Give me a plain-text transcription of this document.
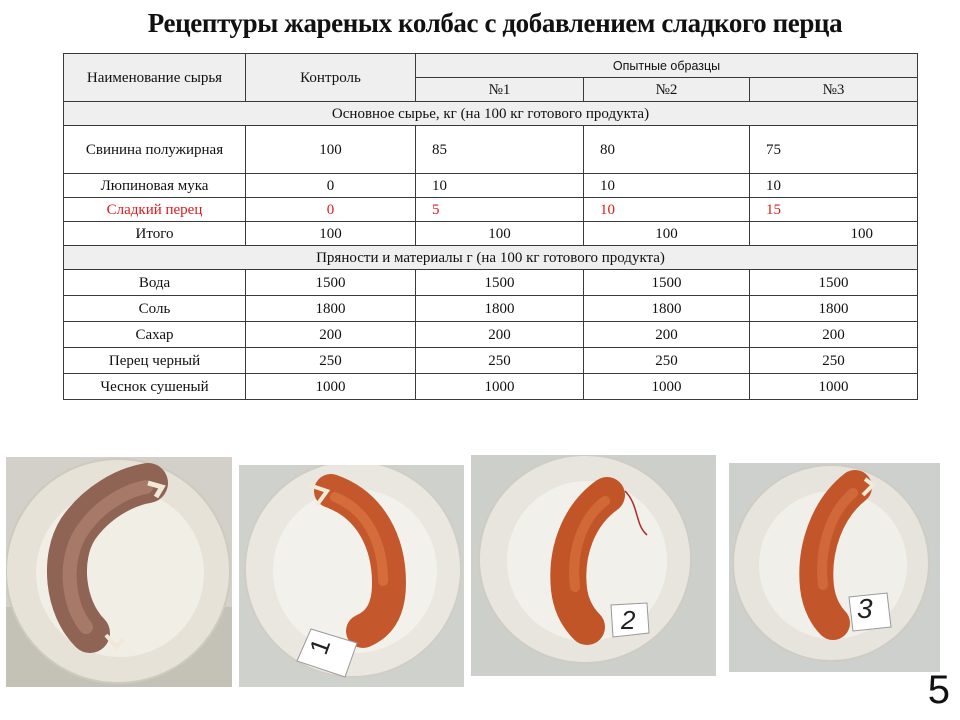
Рецептуры жареных колбас с добавлением сладкого перца
Наименование сырья	Контроль	Опытные образцы		
		№1	№2	№3
Основное сырье, кг (на 100 кг готового продукта)				
Свинина полужирная	100	85	80	75
Люпиновая мука	0	10	10	10
Сладкий перец	0	5	10	15
Итого	100	100	100	100
Пряности и материалы г (на 100 кг готового продукта)				
Вода	1500	1500	1500	1500
Соль	1800	1800	1800	1800
Сахар	200	200	200	200
Перец черный	250	250	250	250
Чеснок сушеный	1000	1000	1000	1000
1
2	3
5
